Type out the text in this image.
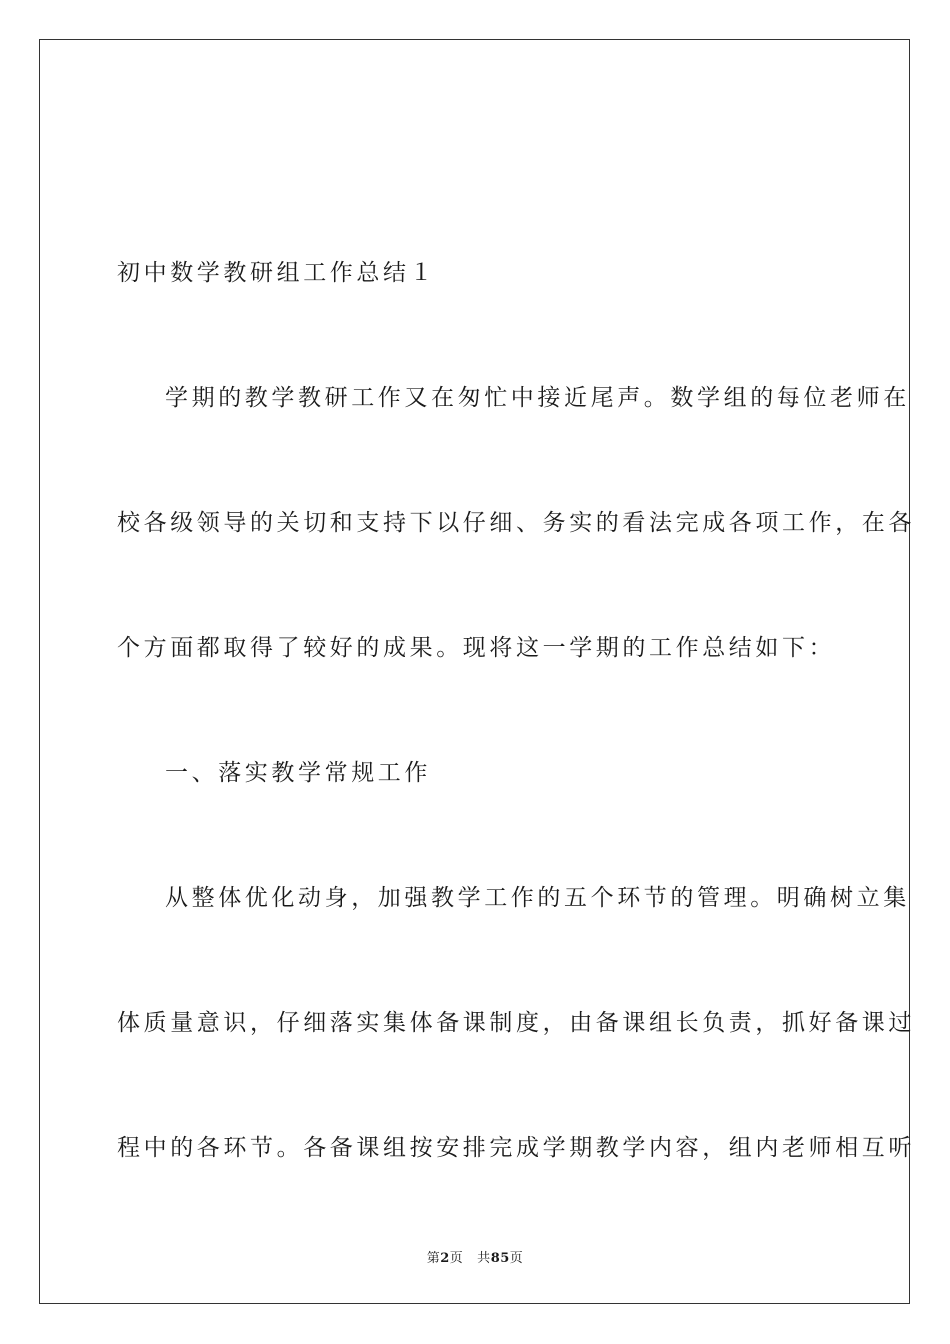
初中数学教研组工作总结１
学期的教学教研工作又在匆忙中接近尾声。数学组的每位老师在
校各级领导的关切和支持下以仔细、务实的看法完成各项工作，在各
个方面都取得了较好的成果。现将这一学期的工作总结如下：
一、落实教学常规工作
从整体优化动身，加强教学工作的五个环节的管理。明确树立集
体质量意识，仔细落实集体备课制度，由备课组长负责，抓好备课过
程中的各环节。各备课组按安排完成学期教学内容，组内老师相互听
第2页 共85页
